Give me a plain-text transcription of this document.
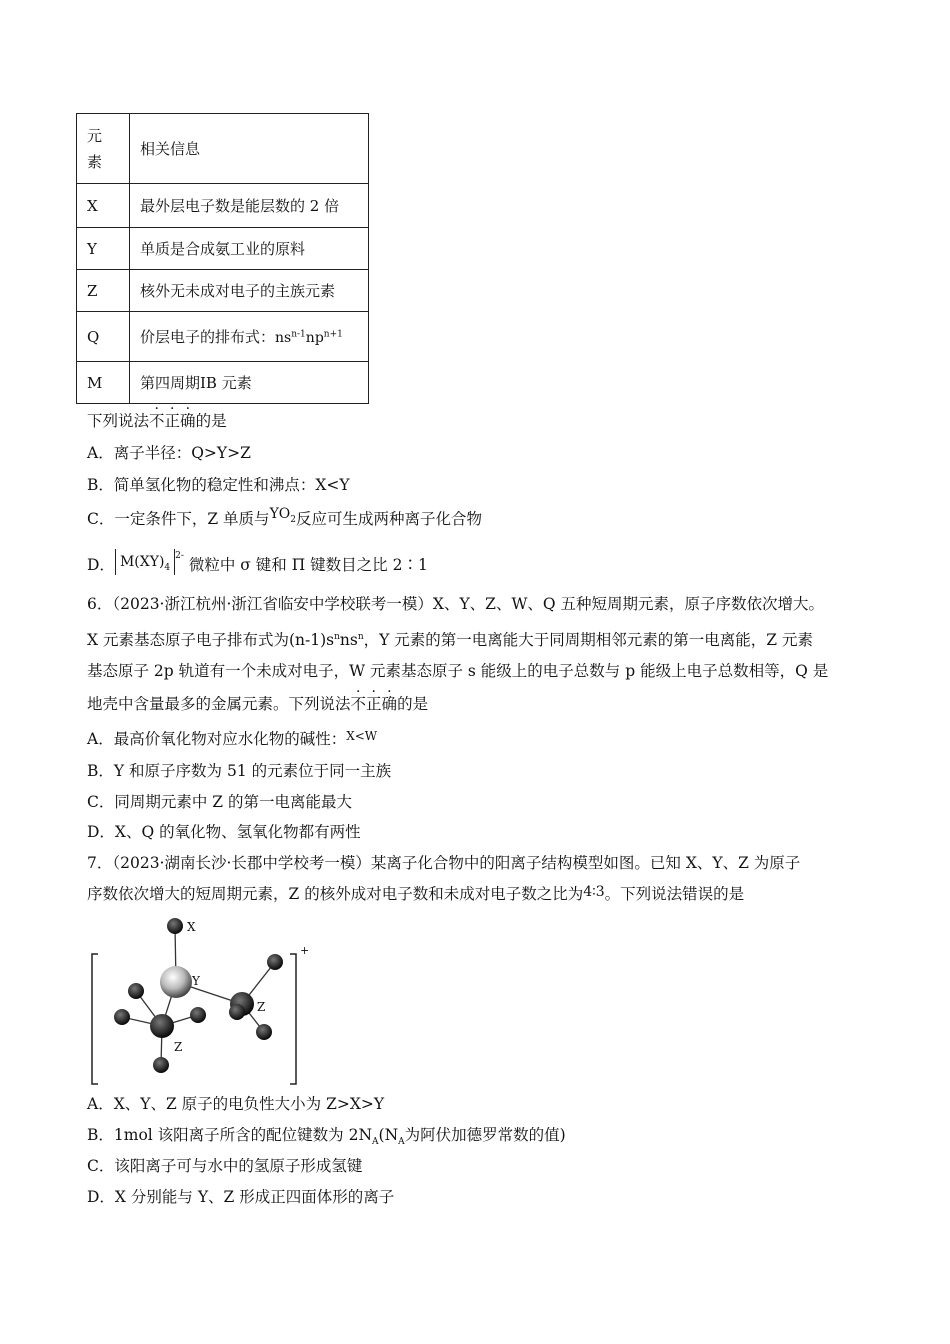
元
素	相关信息
X	最外层电子数是能层数的 2 倍
Y	单质是合成氨工业的原料
Z	核外无未成对电子的主族元素
Q	价层电子的排布式：$ns^{n-1}np^{n+1}$
M	第四周期ⅠB 元素
下列说法不正确的是
A．离子半径：Q>Y>Z
B．简单氢化物的稳定性和沸点：X<Y
C．一定条件下，Z 单质与$YO_2$反应可生成两种离子化合物
D． $M(XY)_4^{2-}$ 微粒中 σ 键和 Π 键数目之比 2∶1
6．（2023·浙江杭州·浙江省临安中学校联考一模）X、Y、Z、W、Q 五种短周期元素，原子序数依次增大。
X 元素基态原子电子排布式为$(n-1)s^nns^n$，Y 元素的第一电离能大于同周期相邻元素的第一电离能，Z 元素
基态原子 2p 轨道有一个未成对电子，W 元素基态原子 s 能级上的电子总数与 p 能级上电子总数相等，Q 是
地壳中含量最多的金属元素。下列说法不正确的是
A．最高价氧化物对应水化物的碱性：$^{X<W}$
B．Y 和原子序数为 51 的元素位于同一主族
C．同周期元素中 Z 的第一电离能最大
D．X、Q 的氧化物、氢氧化物都有两性
7．（2023·湖南长沙·长郡中学校考一模）某离子化合物中的阳离子结构模型如图。已知 X、Y、Z 为原子
序数依次增大的短周期元素，Z 的核外成对电子数和未成对电子数之比为4∶3。下列说法错误的是
X
Y
Z
Z
+
A．X、Y、Z 原子的电负性大小为 Z>X>Y
B．1mol 该阳离子所含的配位键数为 $2N_A(N_A$为阿伏加德罗常数的值)
C．该阳离子可与水中的氢原子形成氢键
D．X 分别能与 Y、Z 形成正四面体形的离子
